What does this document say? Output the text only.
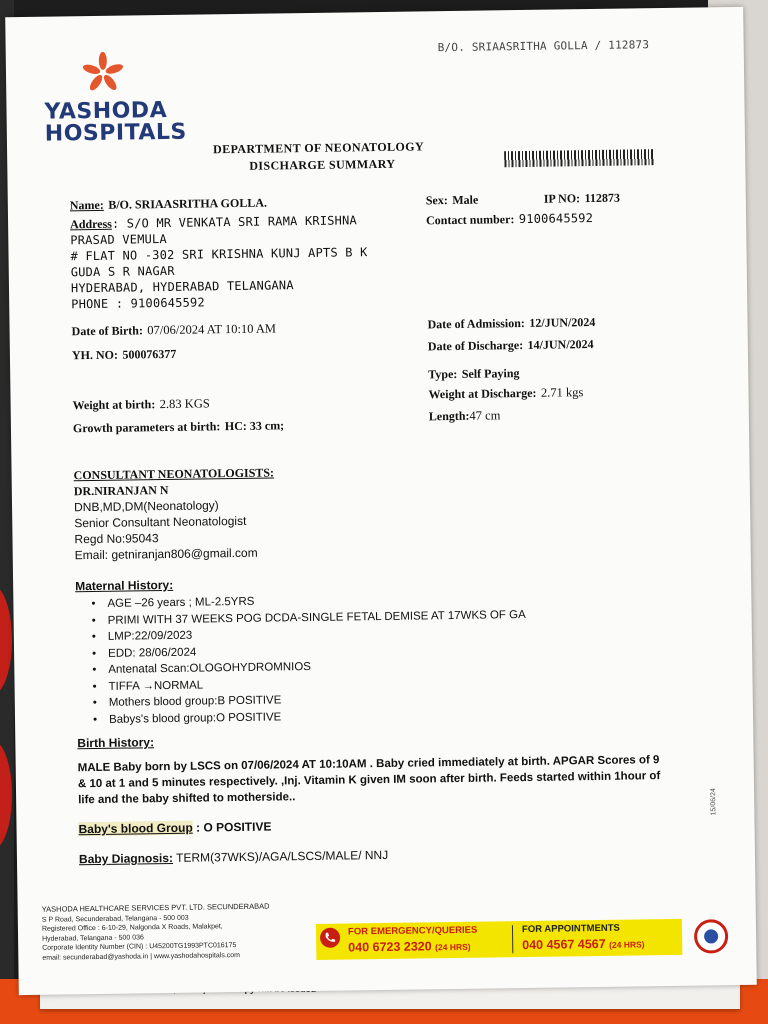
B/O. SRIAASRITHA GOLLA / 112873
YASHODA
HOSPITALS
DEPARTMENT OF NEONATOLOGY
DISCHARGE SUMMARY
Name: B/O. SRIAASRITHA GOLLA.
Address: S/O MR VENKATA SRI RAMA KRISHNA
PRASAD VEMULA
# FLAT NO -302 SRI KRISHNA KUNJ APTS B K
GUDA S R NAGAR
HYDERABAD, HYDERABAD TELANGANA
PHONE : 9100645592
Date of Birth: 07/06/2024 AT 10:10 AM
YH. NO: 500076377
Weight at birth: 2.83 KGS
Growth parameters at birth: HC: 33 cm;
Sex: Male	IP NO: 112873
Contact number: 9100645592
Date of Admission: 12/JUN/2024
Date of Discharge: 14/JUN/2024
Type: Self Paying
Weight at Discharge: 2.71 kgs
Length:47 cm
CONSULTANT NEONATOLOGISTS:
DR.NIRANJAN N
DNB,MD,DM(Neonatology)
Senior Consultant Neonatologist
Regd No:95043
Email: getniranjan806@gmail.com
Maternal History:
• AGE –26 years ; ML-2.5YRS
• PRIMI WITH 37 WEEKS POG DCDA-SINGLE FETAL DEMISE AT 17WKS OF GA
• LMP:22/09/2023
• EDD: 28/06/2024
• Antenatal Scan:OLOGOHYDROMNIOS
• TIFFA →NORMAL
• Mothers blood group:B POSITIVE
• Babys's blood group:O POSITIVE
Birth History:
MALE Baby born by LSCS on 07/06/2024 AT 10:10AM . Baby cried immediately at birth. APGAR Scores of 9
& 10 at 1 and 5 minutes respectively. ,Inj. Vitamin K given IM soon after birth. Feeds started within 1hour of
life and the baby shifted to motherside..
Baby's blood Group : O POSITIVE
Baby Diagnosis: TERM(37WKS)/AGA/LSCS/MALE/ NNJ
15/06/24
YASHODA HEALTHCARE SERVICES PVT. LTD. SECUNDERABAD
S P Road, Secunderabad, Telangana - 500 003
Registered Office : 6-10-29, Nalgonda X Roads, Malakpet,
Hyderabad, Telangana - 500 036
Corporate Identity Number (CIN) : U45200TG1993PTC016175
email: secunderabad@yashoda.in | www.yashodahospitals.com
FOR EMERGENCY/QUERIES
040 6723 2320 (24 HRS)
FOR APPOINTMENTS
040 4567 4567 (24 HRS)
